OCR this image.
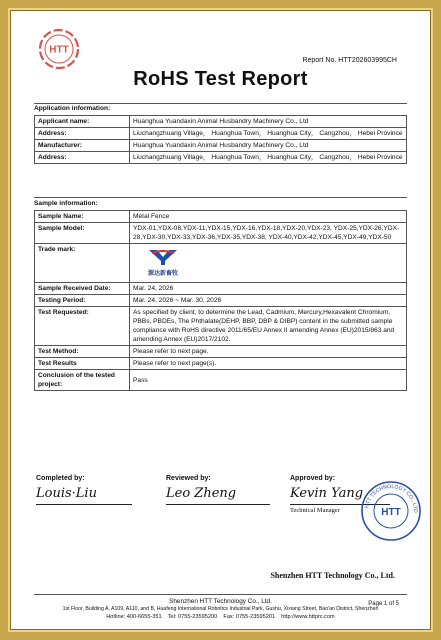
HTT
Report No. HTT202603995CH
RoHS Test Report
Application information:
Applicant name:	Huanghua Yuandaxin Animal Husbandry Machinery Co., Ltd
Address:	Liuchangzhuang Village， Huanghua Town， Huanghua City， Cangzhou， Hebei Province
Manufacturer:	Huanghua Yuandaxin Animal Husbandry Machinery Co., Ltd
Address:	Liuchangzhuang Village， Huanghua Town， Huanghua City， Cangzhou， Hebei Province
Sample information:
Sample Name:	Metal Fence
Sample Model:	YDX-01,YDX-08,YDX-11,YDX-15,YDX-16,YDX-18,YDX-20,YDX-23, YDX-25,YDX-26,YDX-28,YDX-30,YDX-33,YDX-36,YDX-35,YDX-38, YDX-40,YDX-42,YDX-45,YDX-49,YDX-50
Trade mark:	源达新畜牧

Sample Received Date:	Mar. 24, 2026
Testing Period:	Mar. 24, 2026 ~ Mar. 30, 2026
Test Requested:	As specified by client, to determine the Lead, Cadmium, Mercury,Hexavalent Chromium, PBBs, PBDEs, The Phthalate(DEHP, BBP, DBP & DIBP) content in the submitted sample compliance with RoHS directive 2011/65/EU Annex II amending Annex (EU)2015/863 and amending Annex (EU)2017/2102.
Test Method:	Please refer to next page.
Test Results	Please refer to next page(s).
Conclusion of the tested project:	Pass
Completed by:
Louis·Liu
Reviewed by:
Leo Zheng
Approved by:
Kevin Yang
Technical Manager
HTT TECHNOLOGY CO., LTD
HTT
Shenzhen HTT Technology Co., Ltd.
Shenzhen HTT Technology Co., Ltd.	Page 1 of 5
1st Floor, Building A, A109, A110, and B, Huafeng International Robotics Industrial Park, Gushu, Xixiang Street, Bao'an District, Shenzhen
Hotline: 400-6655-351    Tel: 0755-23595200    Fax: 0755-23595201    http://www.httprc.com
